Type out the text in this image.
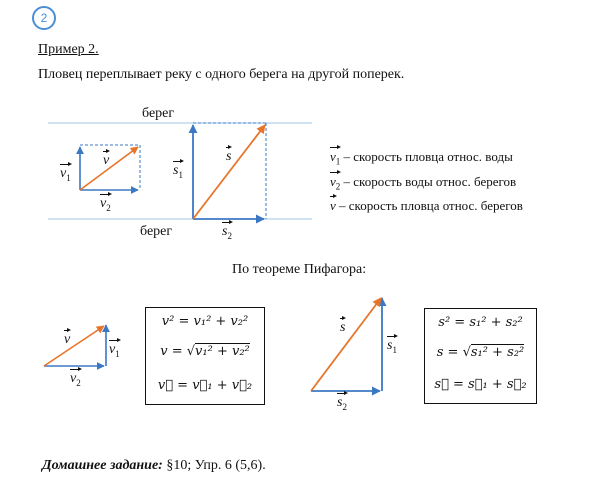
2
Пример 2.
Пловец переплывает реку с одного берега на другой поперек.
берег
берег
$v_1$
v
$v_2$
$s_1$
s
$s_2$
$v_1$ – скорость пловца относ. воды
$v_2$ – скорость воды относ. берегов
v – скорость пловца относ. берегов
По теореме Пифагора:
v
$v_1$
$v_2$
s
$s_1$
$s_2$
v² = v₁² + v₂²
v = √v₁² + v₂²
v⃗ = v⃗₁ + v⃗₂
s² = s₁² + s₂²
s = √s₁² + s₂²
s⃗ = s⃗₁ + s⃗₂
Домашнее задание: §10; Упр. 6 (5,6).
